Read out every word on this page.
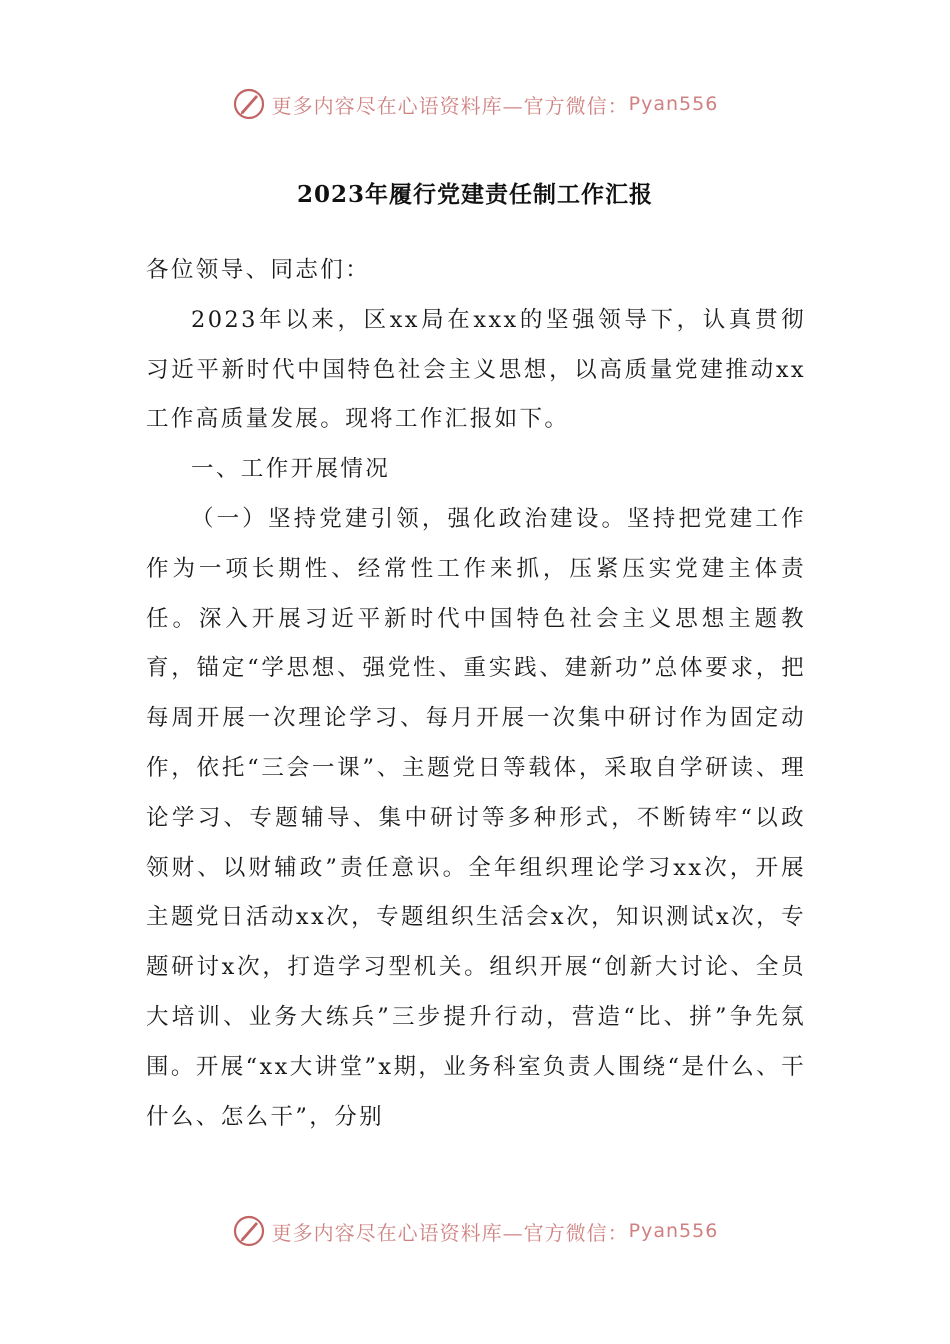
更多内容尽在心语资料库—官方微信： Pyan556
2023年履行党建责任制工作汇报

各位领导、同志们：

2023年以来，区xx局在xxx的坚强领导下，认真贯彻习近平新时代中国特色社会主义思想，以高质量党建推动xx工作高质量发展。现将工作汇报如下。

一、工作开展情况

（一）坚持党建引领，强化政治建设。坚持把党建工作作为一项长期性、经常性工作来抓，压紧压实党建主体责任。深入开展习近平新时代中国特色社会主义思想主题教育，锚定“学思想、强党性、重实践、建新功”总体要求，把每周开展一次理论学习、每月开展一次集中研讨作为固定动作，依托“三会一课”、主题党日等载体，采取自学研读、理论学习、专题辅导、集中研讨等多种形式，不断铸牢“以政领财、以财辅政”责任意识。全年组织理论学习xx次，开展主题党日活动xx次，专题组织生活会x次，知识测试x次，专题研讨x次，打造学习型机关。组织开展“创新大讨论、全员大培训、业务大练兵”三步提升行动，营造“比、拼”争先氛围。开展“xx大讲堂”x期，业务科室负责人围绕“是什么、干什么、怎么干”，分别

更多内容尽在心语资料库—官方微信： Pyan556
